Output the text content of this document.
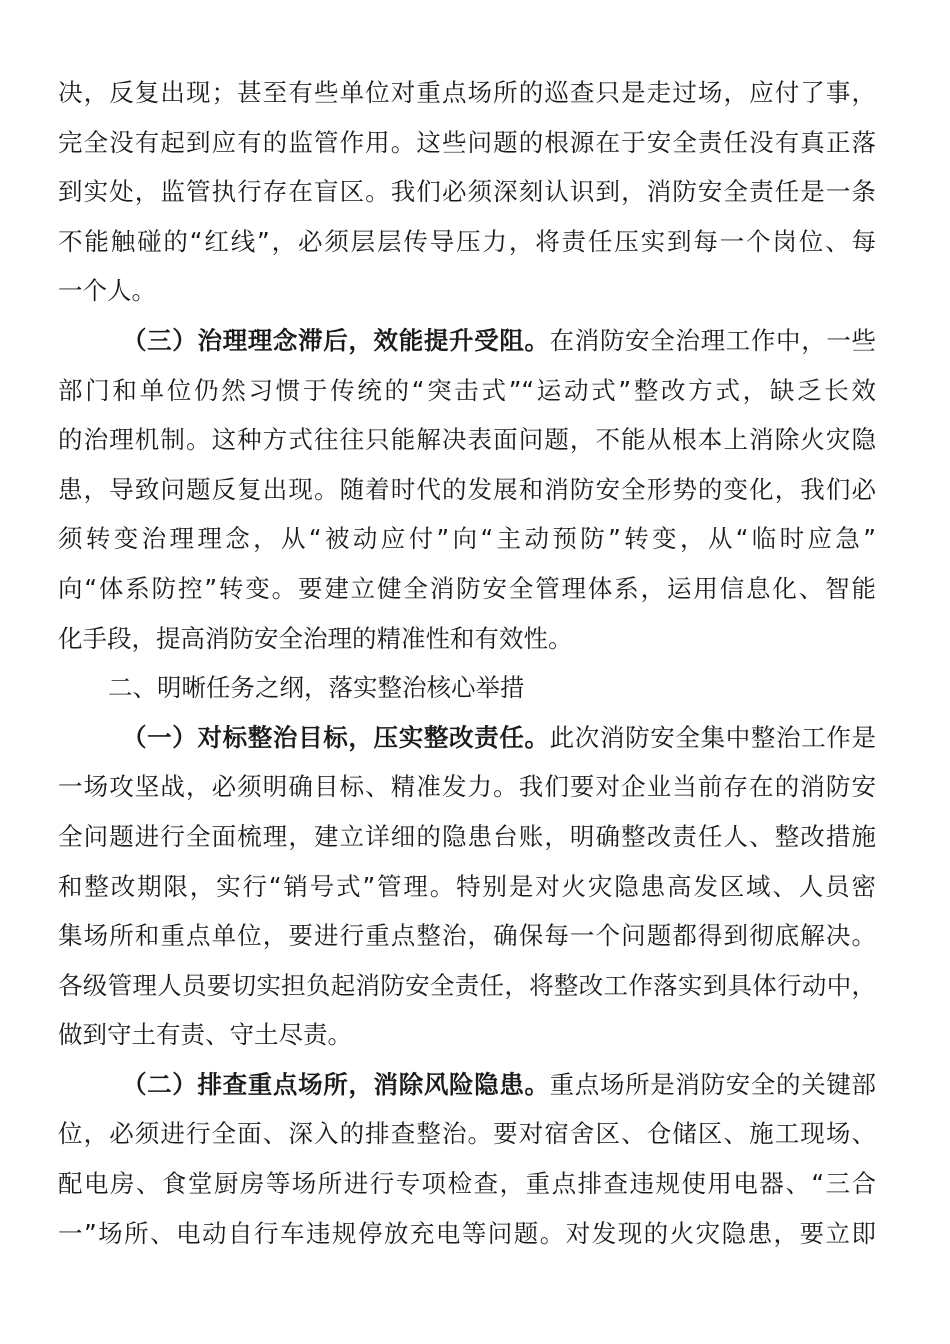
决，反复出现；甚至有些单位对重点场所的巡查只是走过场，应付了事，
完全没有起到应有的监管作用。这些问题的根源在于安全责任没有真正落
到实处，监管执行存在盲区。我们必须深刻认识到，消防安全责任是一条
不能触碰的“红线”，必须层层传导压力，将责任压实到每一个岗位、每
一个人。
（三）治理理念滞后，效能提升受阻。在消防安全治理工作中，一些
部门和单位仍然习惯于传统的“突击式”“运动式”整改方式，缺乏长效
的治理机制。这种方式往往只能解决表面问题，不能从根本上消除火灾隐
患，导致问题反复出现。随着时代的发展和消防安全形势的变化，我们必
须转变治理理念，从“被动应付”向“主动预防”转变，从“临时应急”
向“体系防控”转变。要建立健全消防安全管理体系，运用信息化、智能
化手段，提高消防安全治理的精准性和有效性。
二、明晰任务之纲，落实整治核心举措
（一）对标整治目标，压实整改责任。此次消防安全集中整治工作是
一场攻坚战，必须明确目标、精准发力。我们要对企业当前存在的消防安
全问题进行全面梳理，建立详细的隐患台账，明确整改责任人、整改措施
和整改期限，实行“销号式”管理。特别是对火灾隐患高发区域、人员密
集场所和重点单位，要进行重点整治，确保每一个问题都得到彻底解决。
各级管理人员要切实担负起消防安全责任，将整改工作落实到具体行动中，
做到守土有责、守土尽责。
（二）排查重点场所，消除风险隐患。重点场所是消防安全的关键部
位，必须进行全面、深入的排查整治。要对宿舍区、仓储区、施工现场、
配电房、食堂厨房等场所进行专项检查，重点排查违规使用电器、“三合
一”场所、电动自行车违规停放充电等问题。对发现的火灾隐患，要立即
